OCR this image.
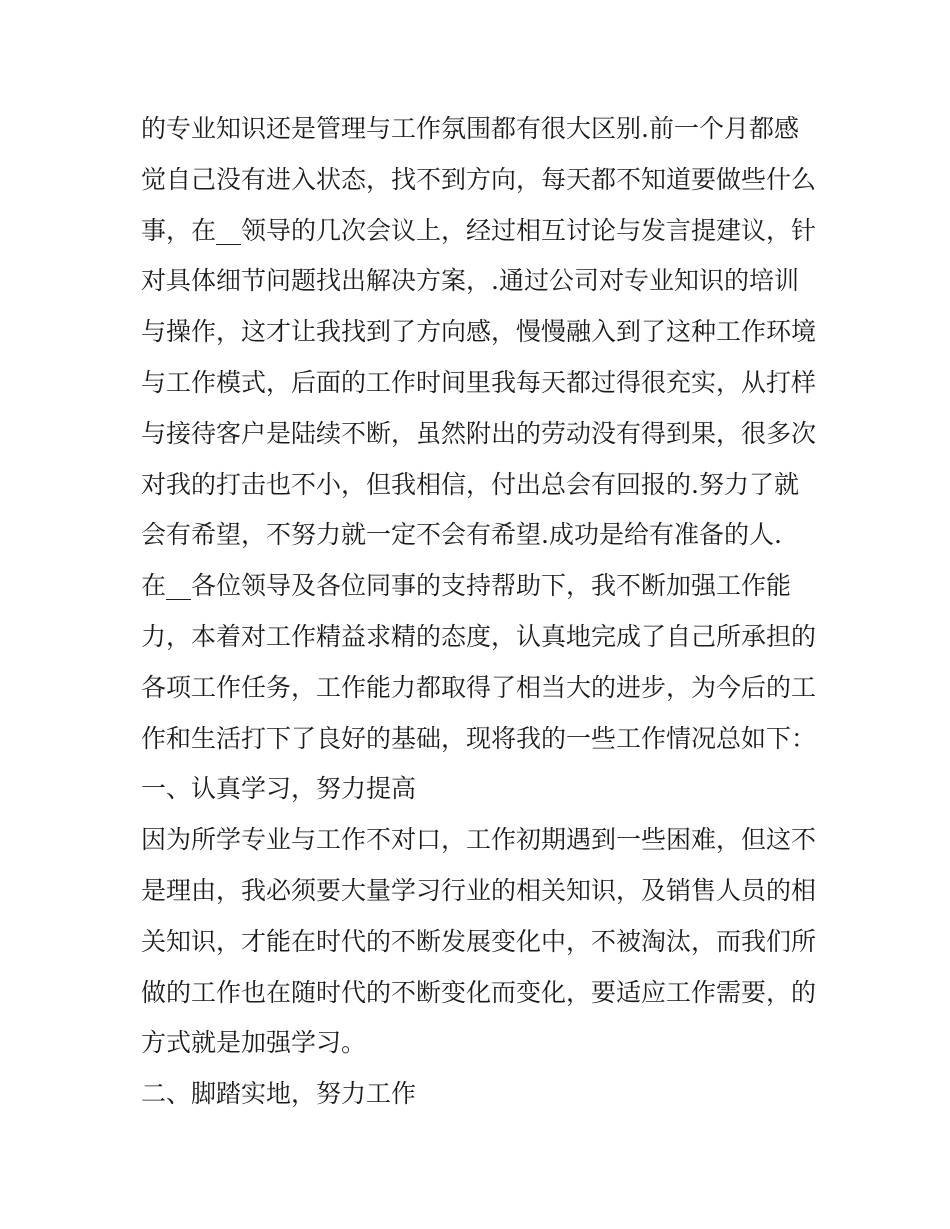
的专业知识还是管理与工作氛围都有很大区别.前一个月都感
觉自己没有进入状态，找不到方向，每天都不知道要做些什么
事，在__领导的几次会议上，经过相互讨论与发言提建议，针
对具体细节问题找出解决方案，.通过公司对专业知识的培训
与操作，这才让我找到了方向感，慢慢融入到了这种工作环境
与工作模式，后面的工作时间里我每天都过得很充实，从打样
与接待客户是陆续不断，虽然附出的劳动没有得到果，很多次
对我的打击也不小，但我相信，付出总会有回报的.努力了就
会有希望，不努力就一定不会有希望.成功是给有准备的人.
在__各位领导及各位同事的支持帮助下，我不断加强工作能
力，本着对工作精益求精的态度，认真地完成了自己所承担的
各项工作任务，工作能力都取得了相当大的进步，为今后的工
作和生活打下了良好的基础，现将我的一些工作情况总如下：
一、认真学习，努力提高
因为所学专业与工作不对口，工作初期遇到一些困难，但这不
是理由，我必须要大量学习行业的相关知识，及销售人员的相
关知识，才能在时代的不断发展变化中，不被淘汰，而我们所
做的工作也在随时代的不断变化而变化，要适应工作需要，的
方式就是加强学习。
二、脚踏实地，努力工作
